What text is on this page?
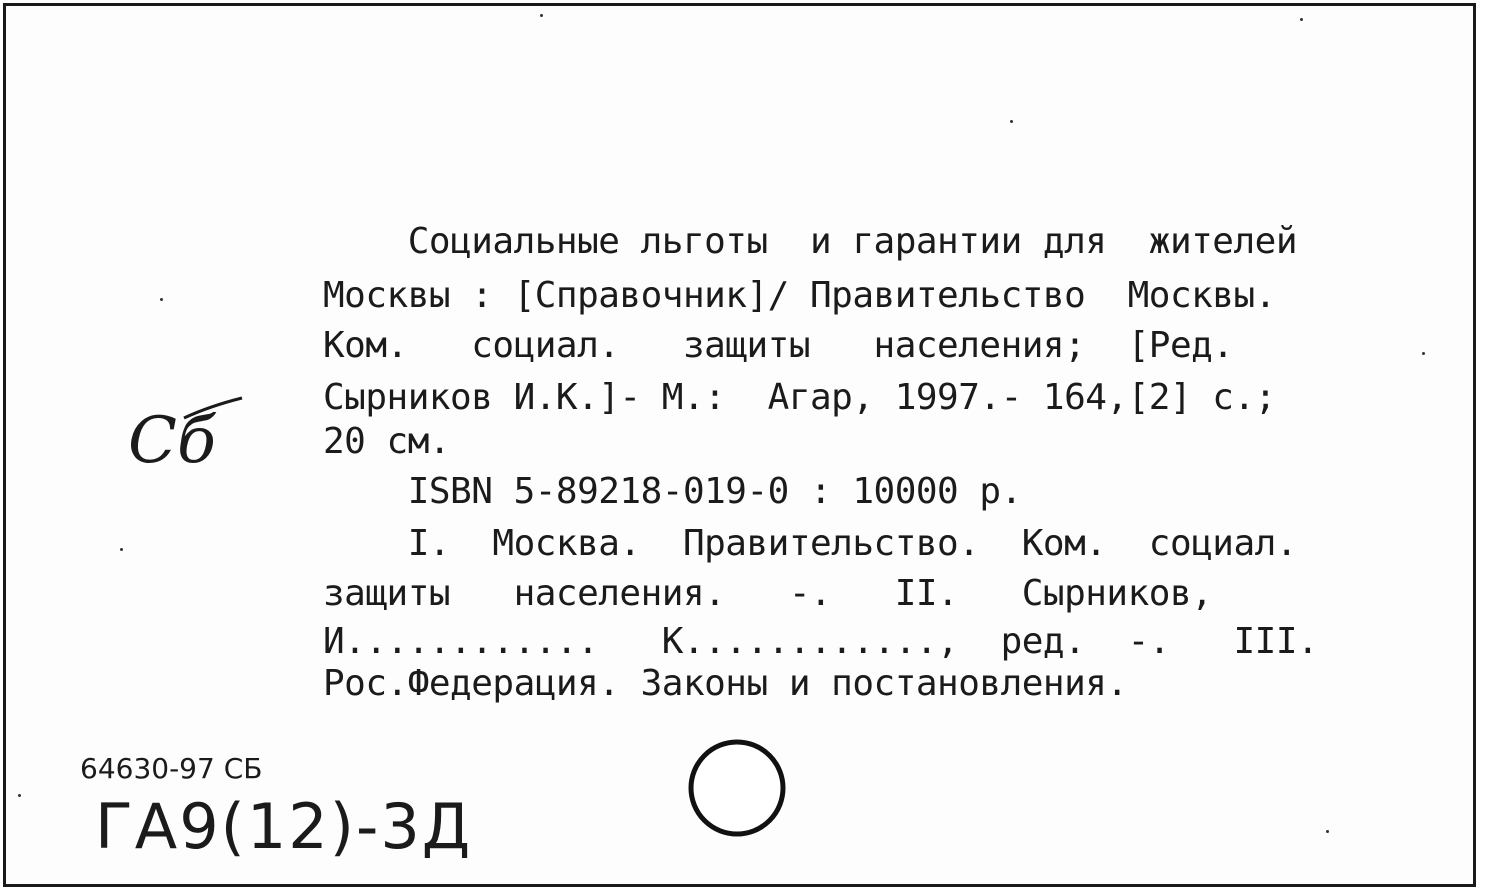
Социальные льготы  и гарантии для  жителей
Москвы : [Справочник]/ Правительство  Москвы.
Ком.   социал.   защиты   населения;  [Ред.
Сырников И.К.]- М.:  Агар, 1997.- 164,[2] с.;
20 см.
ISBN 5-89218-019-0 : 10000 р.
I.  Москва.  Правительство.  Ком.  социал.
защиты   населения.   -.   II.   Сырников,
И............   К............,  ред.  -.   III.
Рос.Федерация. Законы и постановления.
Сб
64630-97 СБ
ГА9(12)-3Д
